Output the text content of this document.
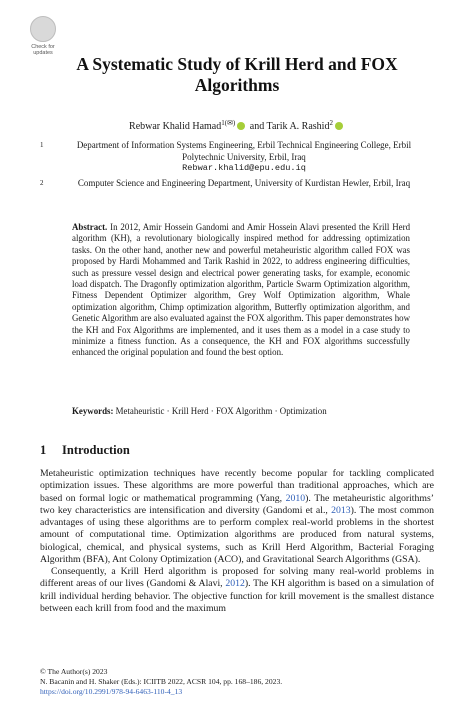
Check for
updates
A Systematic Study of Krill Herd and FOX
Algorithms
Rebwar Khalid Hamad$^{1(✉)}$ and Tarik A. Rashid$^2$
1	Department of Information Systems Engineering, Erbil Technical Engineering College, Erbil
Polytechnic University, Erbil, Iraq
Rebwar.khalid@epu.edu.iq
2	Computer Science and Engineering Department, University of Kurdistan Hewler, Erbil, Iraq
Abstract. In 2012, Amir Hossein Gandomi and Amir Hossein Alavi presented the Krill Herd algorithm (KH), a revolutionary biologically inspired method for addressing optimization tasks. On the other hand, another new and powerful metaheuristic algorithm called FOX was proposed by Hardi Mohammed and Tarik Rashid in 2022, to address engineering difficulties, such as pressure vessel design and electrical power generating tasks, for example, economic load dispatch. The Dragonfly optimization algorithm, Particle Swarm Optimization algorithm, Fitness Dependent Optimizer algorithm, Grey Wolf Optimization algorithm, Whale optimization algorithm, Chimp optimization algorithm, Butterfly optimization algorithm, and Genetic Algorithm are also evaluated against the FOX algorithm. This paper demonstrates how the KH and Fox Algorithms are implemented, and it uses them as a model in a case study to minimize a fitness function. As a consequence, the KH and FOX algorithms successfully enhanced the original population and found the best option.
Keywords: Metaheuristic · Krill Herd · FOX Algorithm · Optimization
1 Introduction

Metaheuristic optimization techniques have recently become popular for tackling complicated optimization issues. These algorithms are more powerful than traditional approaches, which are based on formal logic or mathematical programming (Yang, 2010). The metaheuristic algorithms’ two key characteristics are intensification and diversity (Gandomi et al., 2013). The most common advantages of using these algorithms are to perform complex real-world problems in the shortest amount of computational time. Optimization algorithms are produced from natural systems, biological, chemical, and physical systems, such as Krill Herd Algorithm, Bacterial Foraging Algorithm (BFA), Ant Colony Optimization (ACO), and Gravitational Search Algorithms (GSA).

Consequently, a Krill Herd algorithm is proposed for solving many real-world problems in different areas of our lives (Gandomi & Alavi, 2012). The KH algorithm is based on a simulation of krill individual herding behavior. The objective function for krill movement is the smallest distance between each krill from food and the maximum

© The Author(s) 2023
N. Bacanin and H. Shaker (Eds.): ICIITB 2022, ACSR 104, pp. 168–186, 2023.
https://doi.org/10.2991/978-94-6463-110-4_13
